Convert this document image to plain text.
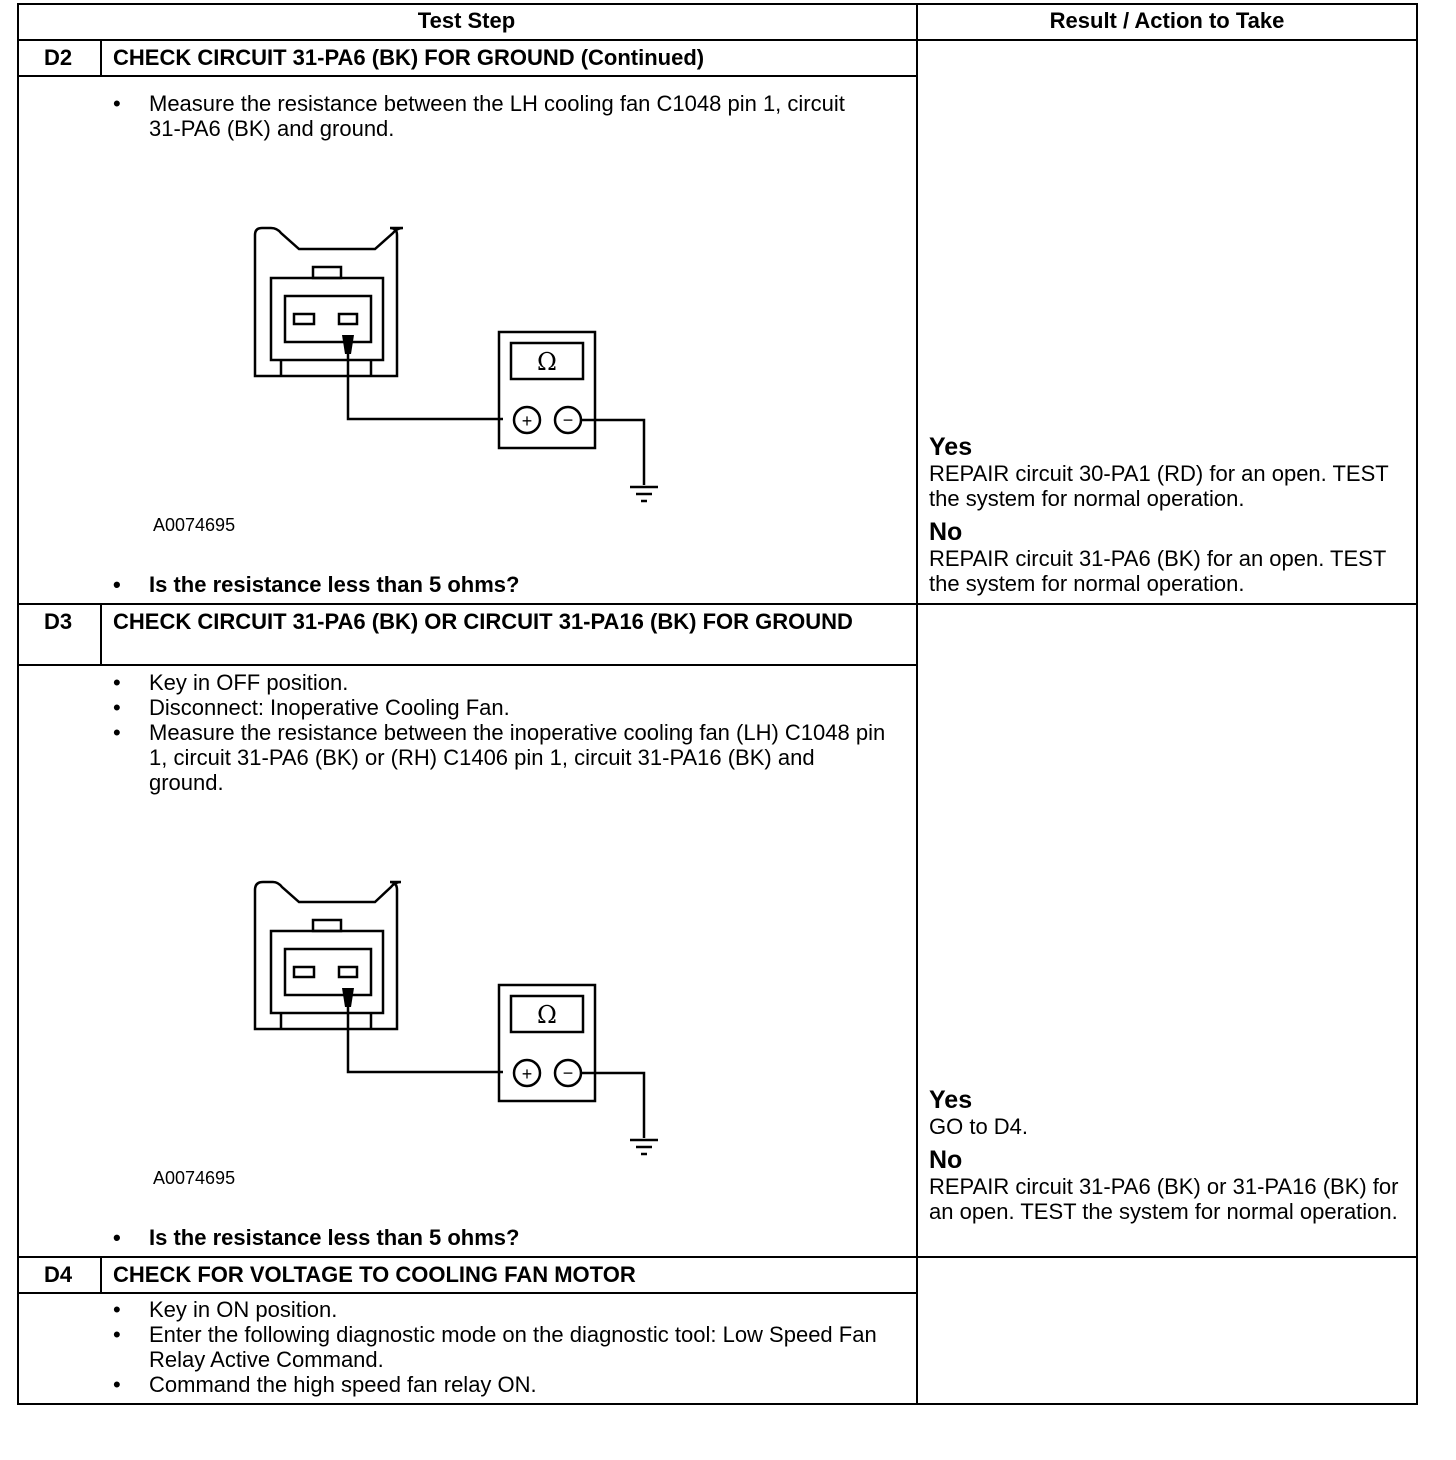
Test Step	Result / Action to Take
D2	CHECK CIRCUIT 31-PA6 (BK) FOR GROUND (Continued)
• Measure the resistance between the LH cooling fan C1048 pin 1, circuit 31-PA6 (BK) and ground.
Ω
+ −
A0074695
• Is the resistance less than 5 ohms?

Yes

REPAIR circuit 30-PA1 (RD) for an open. TEST the system for normal operation.

No

REPAIR circuit 31-PA6 (BK) for an open. TEST the system for normal operation.

D3	CHECK CIRCUIT 31-PA6 (BK) OR CIRCUIT 31-PA16 (BK) FOR GROUND
• Key in OFF position.
• Disconnect: Inoperative Cooling Fan.
• Measure the resistance between the inoperative cooling fan (LH) C1048 pin 1, circuit 31-PA6 (BK) or (RH) C1406 pin 1, circuit 31-PA16 (BK) and ground.
Ω
+ −
A0074695
• Is the resistance less than 5 ohms?

Yes

GO to D4.

No

REPAIR circuit 31-PA6 (BK) or 31-PA16 (BK) for an open. TEST the system for normal operation.

D4	CHECK FOR VOLTAGE TO COOLING FAN MOTOR
• Key in ON position.
• Enter the following diagnostic mode on the diagnostic tool: Low Speed Fan Relay Active Command.
• Command the high speed fan relay ON.
